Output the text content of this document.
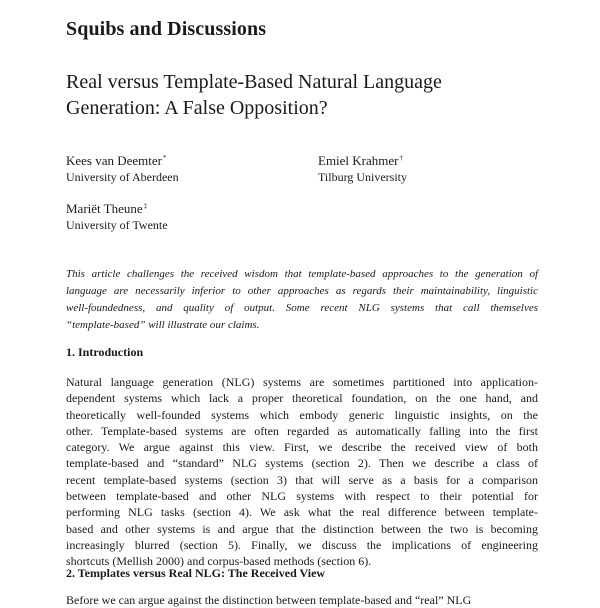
Squibs and Discussions
Real versus Template-Based Natural Language
Generation: A False Opposition?
Kees van Deemter*
University of Aberdeen
Emiel Krahmer†
Tilburg University
Mariët Theune‡
University of Twente
This article challenges the received wisdom that template-based approaches to the generation of
language are necessarily inferior to other approaches as regards their maintainability, linguistic
well-foundedness, and quality of output. Some recent NLG systems that call themselves
“template-based” will illustrate our claims.
1. Introduction
Natural language generation (NLG) systems are sometimes partitioned into application-
dependent systems which lack a proper theoretical foundation, on the one hand, and
theoretically well-founded systems which embody generic linguistic insights, on the
other. Template-based systems are often regarded as automatically falling into the first
category. We argue against this view. First, we describe the received view of both
template-based and “standard” NLG systems (section 2). Then we describe a class of
recent template-based systems (section 3) that will serve as a basis for a comparison
between template-based and other NLG systems with respect to their potential for
performing NLG tasks (section 4). We ask what the real difference between template-
based and other systems is and argue that the distinction between the two is becoming
increasingly blurred (section 5). Finally, we discuss the implications of engineering
shortcuts (Mellish 2000) and corpus-based methods (section 6).
2. Templates versus Real NLG: The Received View
Before we can argue against the distinction between template-based and “real” NLG
